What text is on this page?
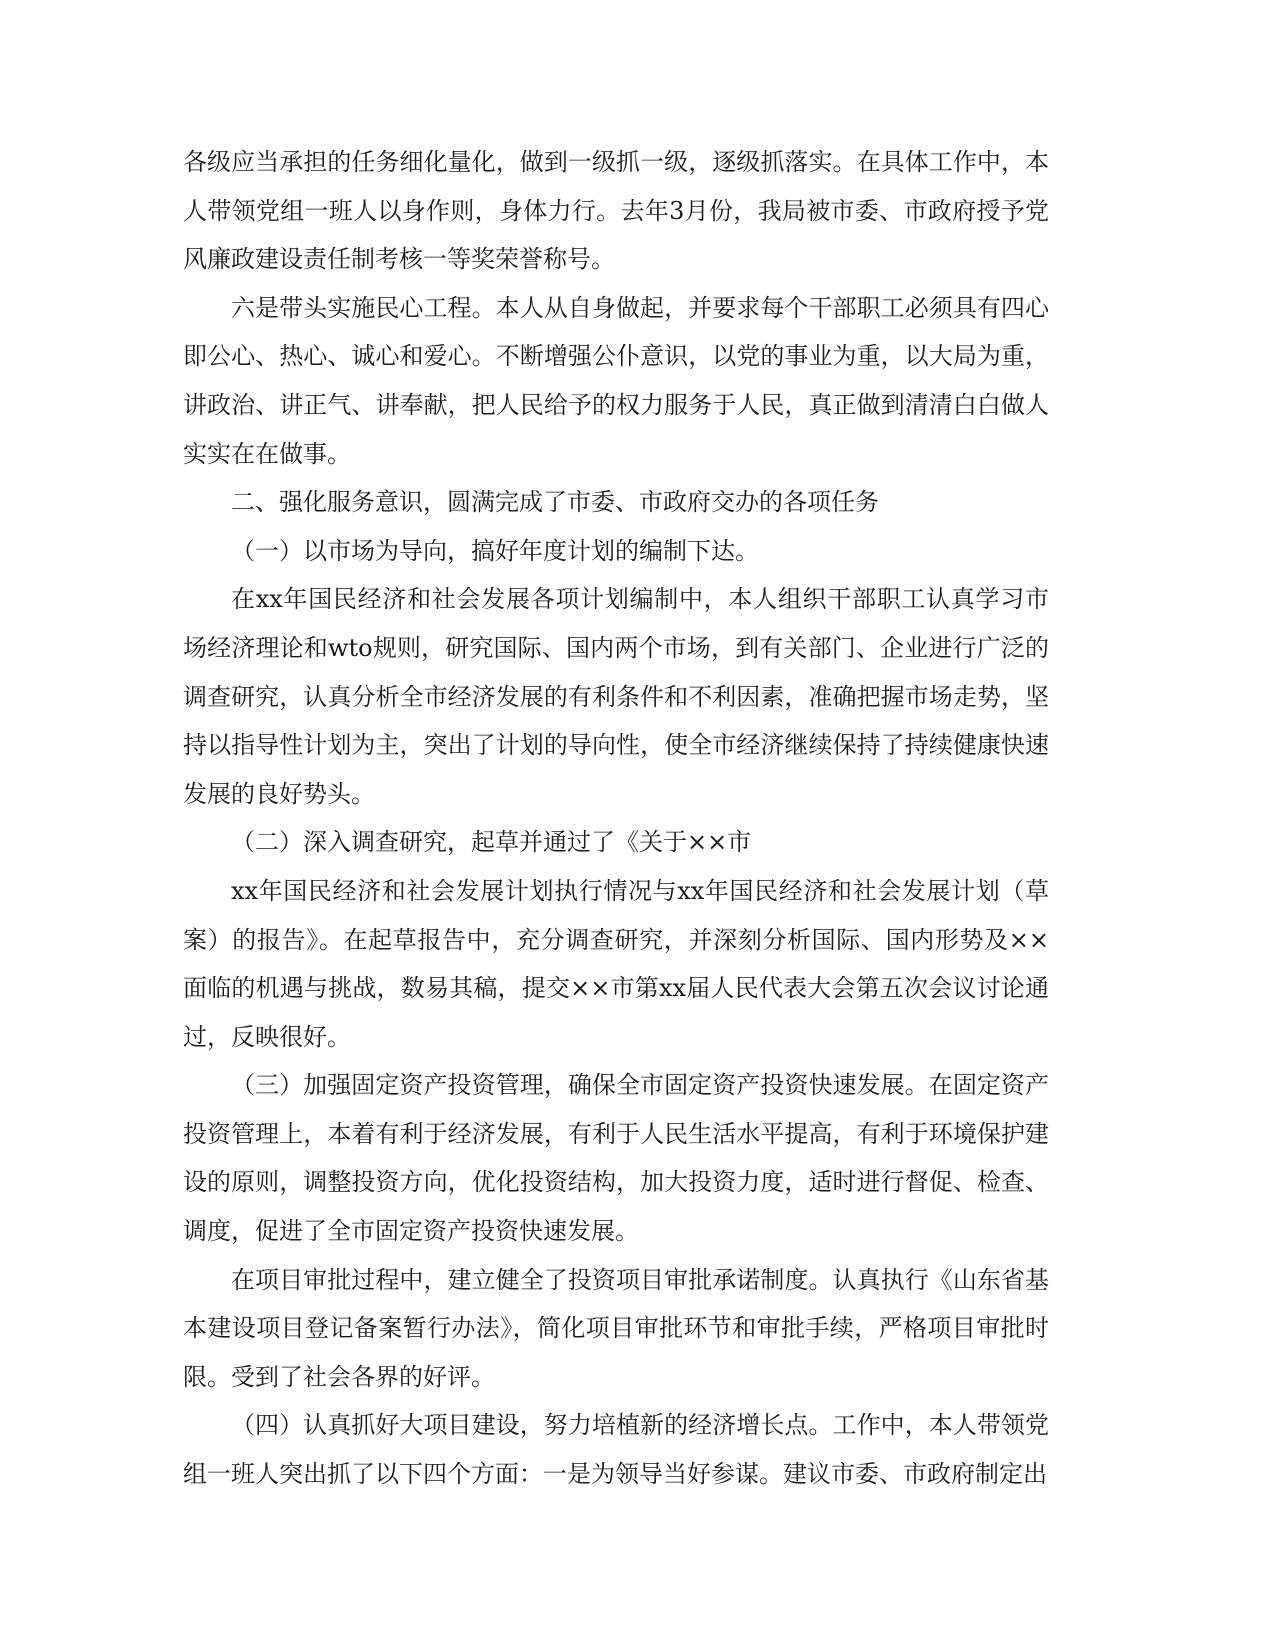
各级应当承担的任务细化量化，做到一级抓一级，逐级抓落实。在具体工作中，本人带领党组一班人以身作则，身体力行。去年3月份，我局被市委、市政府授予党风廉政建设责任制考核一等奖荣誉称号。

六是带头实施民心工程。本人从自身做起，并要求每个干部职工必须具有四心即公心、热心、诚心和爱心。不断增强公仆意识，以党的事业为重，以大局为重，讲政治、讲正气、讲奉献，把人民给予的权力服务于人民，真正做到清清白白做人实实在在做事。

二、强化服务意识，圆满完成了市委、市政府交办的各项任务

（一）以市场为导向，搞好年度计划的编制下达。

在xx年国民经济和社会发展各项计划编制中，本人组织干部职工认真学习市场经济理论和wto规则，研究国际、国内两个市场，到有关部门、企业进行广泛的调查研究，认真分析全市经济发展的有利条件和不利因素，准确把握市场走势，坚持以指导性计划为主，突出了计划的导向性，使全市经济继续保持了持续健康快速发展的良好势头。

（二）深入调查研究，起草并通过了《关于××市

xx年国民经济和社会发展计划执行情况与xx年国民经济和社会发展计划（草案）的报告》。在起草报告中，充分调查研究，并深刻分析国际、国内形势及××面临的机遇与挑战，数易其稿，提交××市第xx届人民代表大会第五次会议讨论通过，反映很好。

（三）加强固定资产投资管理，确保全市固定资产投资快速发展。在固定资产投资管理上，本着有利于经济发展，有利于人民生活水平提高，有利于环境保护建设的原则，调整投资方向，优化投资结构，加大投资力度，适时进行督促、检查、调度，促进了全市固定资产投资快速发展。

在项目审批过程中，建立健全了投资项目审批承诺制度。认真执行《山东省基本建设项目登记备案暂行办法》，简化项目审批环节和审批手续，严格项目审批时限。受到了社会各界的好评。

（四）认真抓好大项目建设，努力培植新的经济增长点。工作中，本人带领党组一班人突出抓了以下四个方面：一是为领导当好参谋。建议市委、市政府制定出
